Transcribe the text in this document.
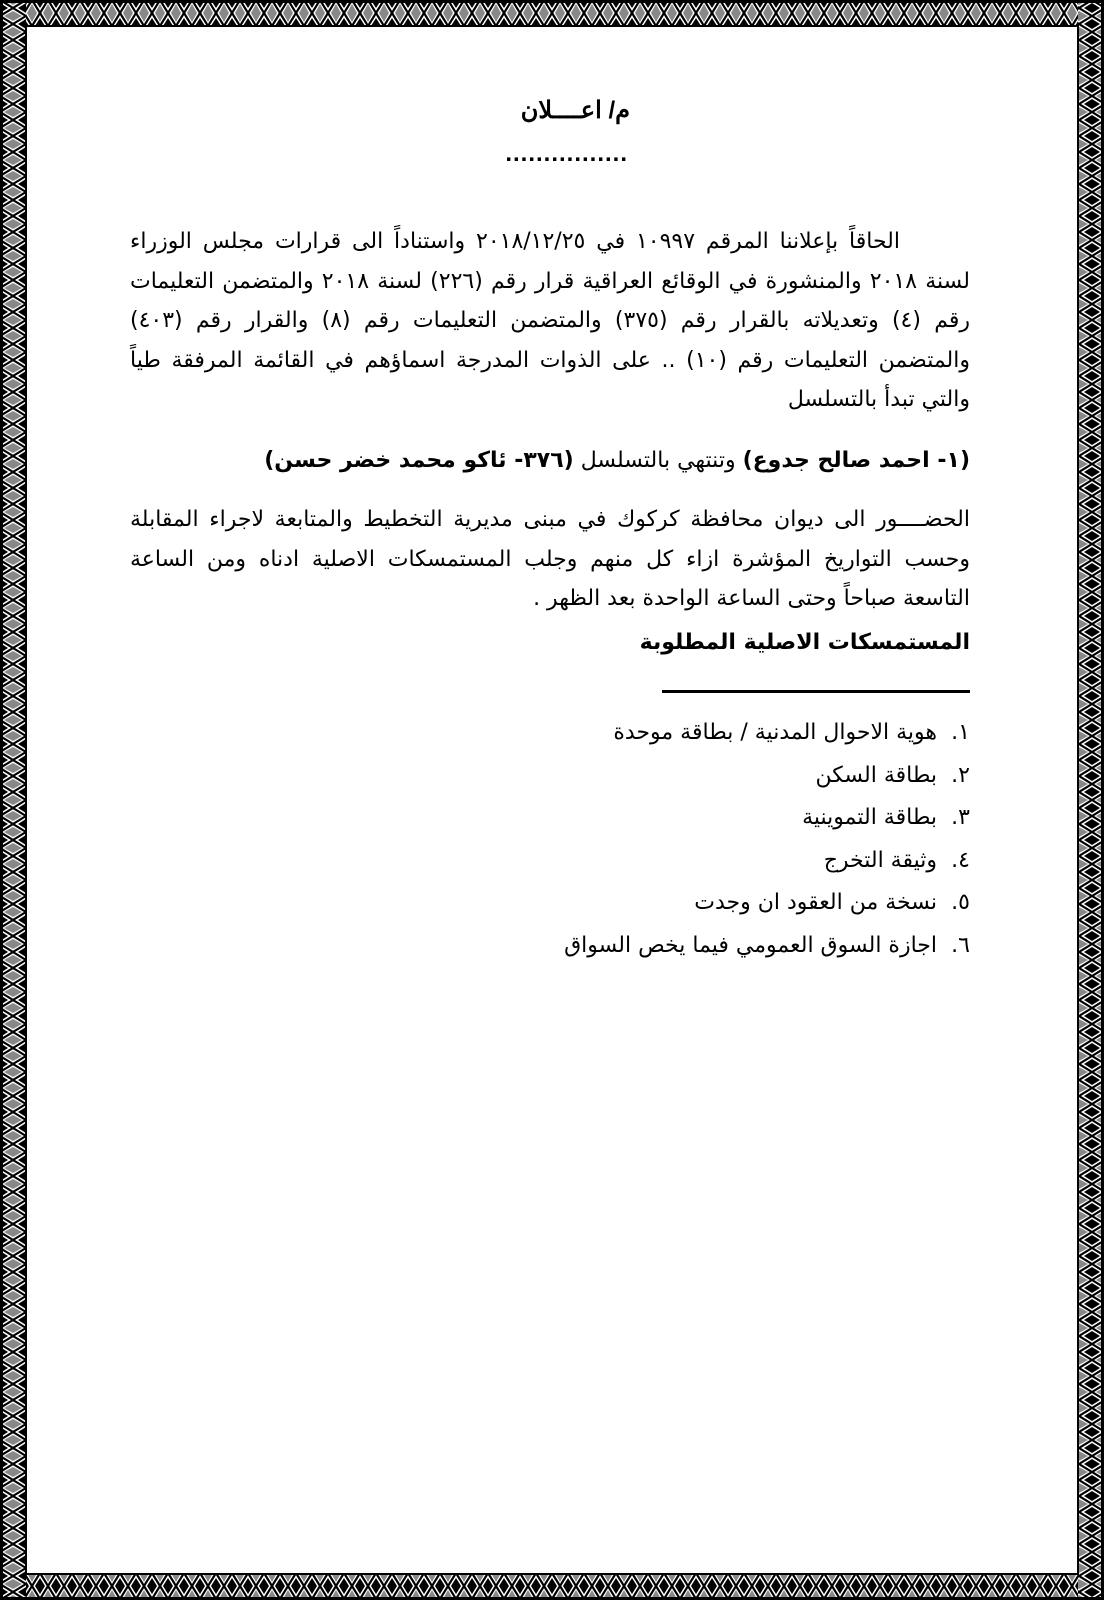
م/ اعــــلان
................

الحاقاً بإعلاننا المرقم ١٠٩٩٧ في ٢٠١٨/١٢/٢٥ واستناداً الى قرارات مجلس الوزراء لسنة ٢٠١٨ والمنشورة في الوقائع العراقية قرار رقم (٢٢٦) لسنة ٢٠١٨ والمتضمن التعليمات رقم (٤) وتعديلاته بالقرار رقم (٣٧٥) والمتضمن التعليمات رقم (٨) والقرار رقم (٤٠٣) والمتضمن التعليمات رقم (١٠) .. على الذوات المدرجة اسماؤهم في القائمة المرفقة طياً والتي تبدأ بالتسلسل

(١- احمد صالح جدوع) وتنتهي بالتسلسل (٣٧٦- ئاكو محمد خضر حسن)

الحضــــور الى ديوان محافظة كركوك في مبنى مديرية التخطيط والمتابعة لاجراء المقابلة وحسب التواريخ المؤشرة ازاء كل منهم وجلب المستمسكات الاصلية ادناه ومن الساعة التاسعة صباحاً وحتى الساعة الواحدة بعد الظهر .

المستمسكات الاصلية المطلوبة
١. هوية الاحوال المدنية / بطاقة موحدة
٢. بطاقة السكن
٣. بطاقة التموينية
٤. وثيقة التخرج
٥. نسخة من العقود ان وجدت
٦. اجازة السوق العمومي فيما يخص السواق
